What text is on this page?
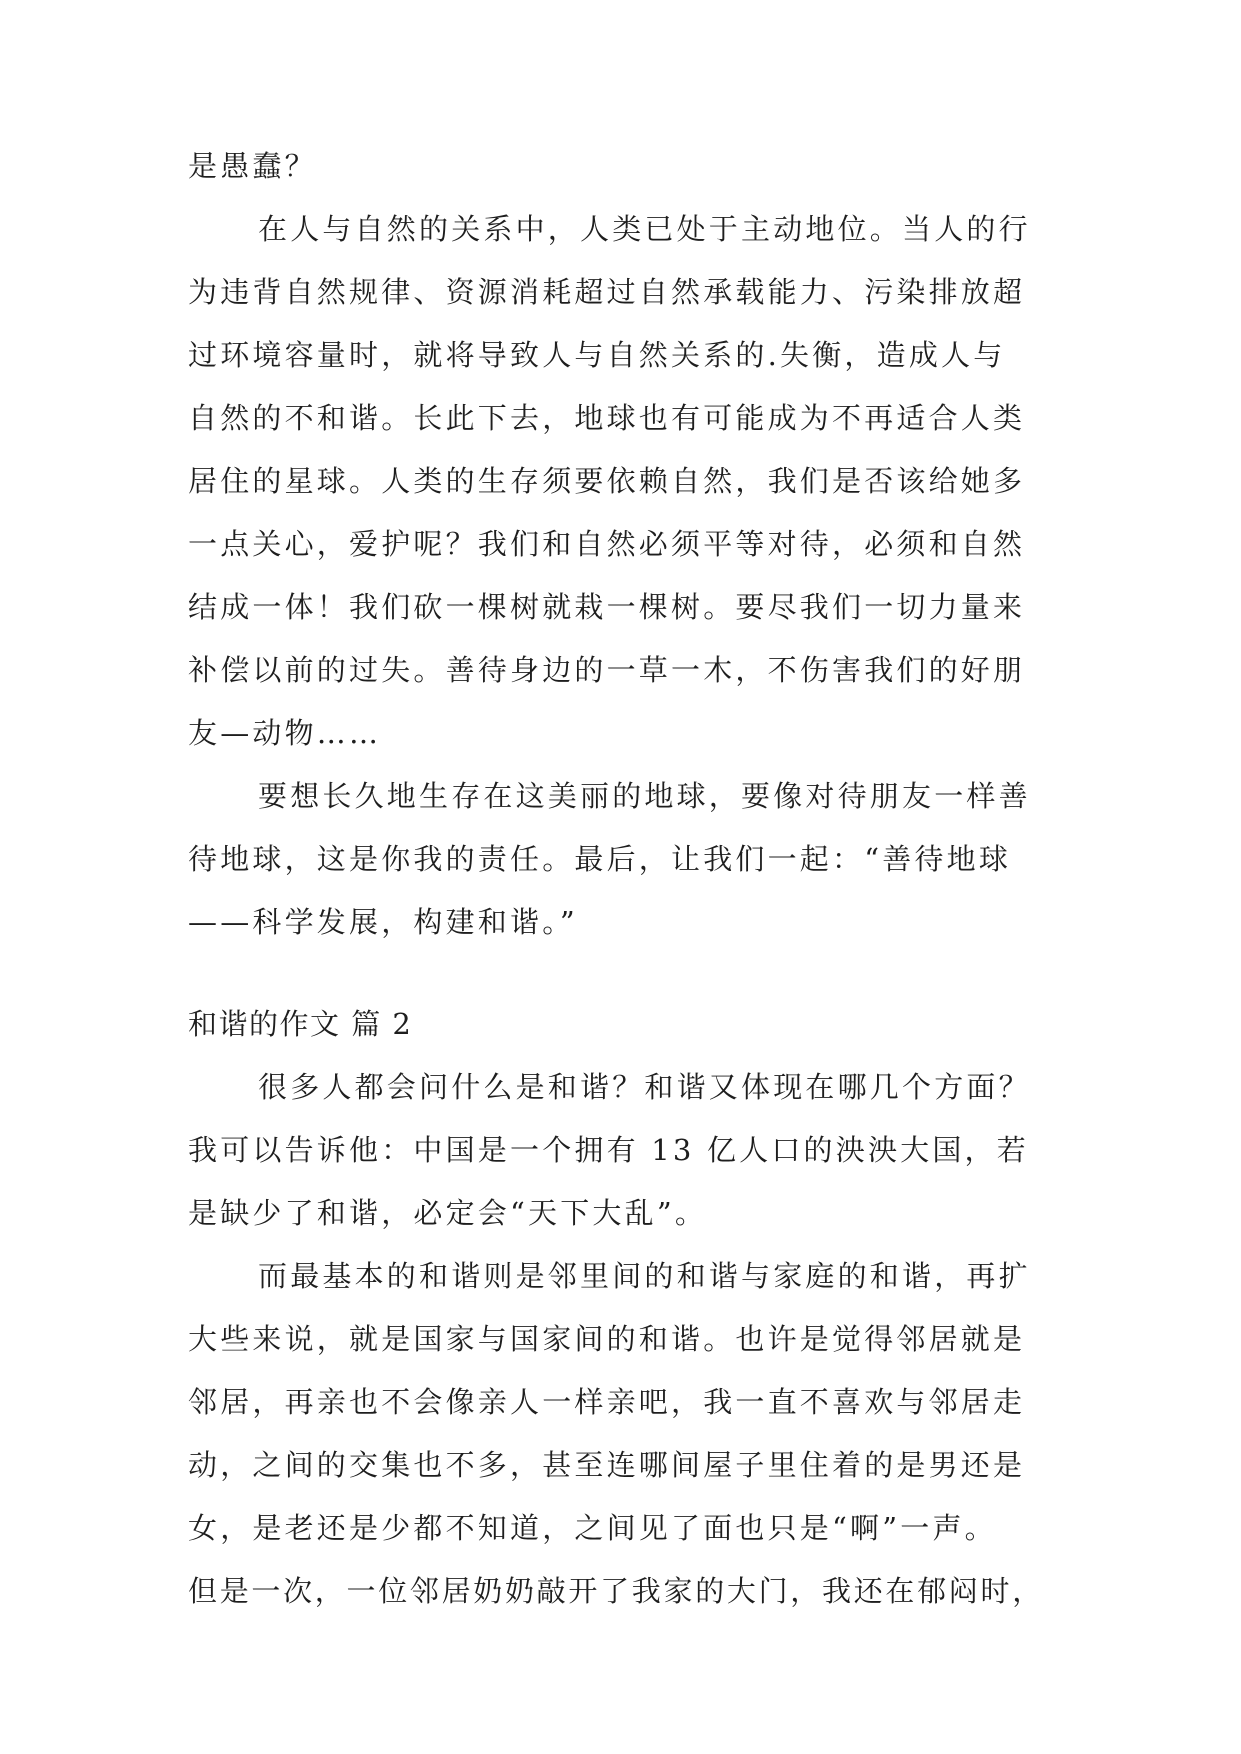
是愚蠢？
在人与自然的关系中，人类已处于主动地位。当人的行
为违背自然规律、资源消耗超过自然承载能力、污染排放超
过环境容量时，就将导致人与自然关系的.失衡，造成人与
自然的不和谐。长此下去，地球也有可能成为不再适合人类
居住的星球。人类的生存须要依赖自然，我们是否该给她多
一点关心，爱护呢？我们和自然必须平等对待，必须和自然
结成一体！我们砍一棵树就栽一棵树。要尽我们一切力量来
补偿以前的过失。善待身边的一草一木，不伤害我们的好朋
友—动物……
要想长久地生存在这美丽的地球，要像对待朋友一样善
待地球，这是你我的责任。最后，让我们一起：“善待地球
——科学发展，构建和谐。”
和谐的作文 篇 2
很多人都会问什么是和谐？和谐又体现在哪几个方面？
我可以告诉他：中国是一个拥有 13 亿人口的泱泱大国，若
是缺少了和谐，必定会“天下大乱”。
而最基本的和谐则是邻里间的和谐与家庭的和谐，再扩
大些来说，就是国家与国家间的和谐。也许是觉得邻居就是
邻居，再亲也不会像亲人一样亲吧，我一直不喜欢与邻居走
动，之间的交集也不多，甚至连哪间屋子里住着的是男还是
女，是老还是少都不知道，之间见了面也只是“啊”一声。
但是一次，一位邻居奶奶敲开了我家的大门，我还在郁闷时，
